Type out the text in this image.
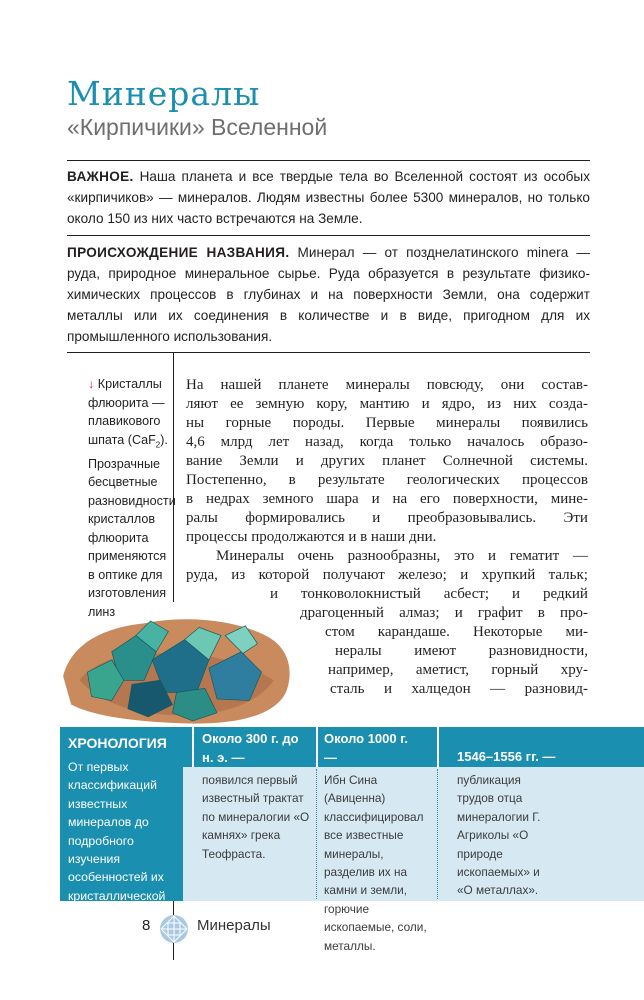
Минералы
«Кирпичики» Вселенной
ВАЖНОЕ. Наша планета и все твердые тела во Вселенной состоят из особых «кирпичиков» — минералов. Людям известны более 5300 минералов, но только около 150 из них часто встречаются на Земле.
ПРОИСХОЖДЕНИЕ НАЗВАНИЯ. Минерал — от позднелатинского minera — руда, природное минеральное сырье. Руда образуется в результате физико-химических процессов в глубинах и на поверхности Земли, она содержит металлы или их соединения в количестве и в виде, пригодном для их промышленного использования.
↓ Кристаллы флюорита — плавикового шпата (CaF$_2$). Прозрачные бесцветные разновидности кристаллов флюорита применяются в оптике для изготовления линз
На нашей планете минералы повсюду, они состав-
ляют ее земную кору, мантию и ядро, из них созда-
ны горные породы. Первые минералы появились
4,6 млрд лет назад, когда только началось образо-
вание Земли и других планет Солнечной системы.
Постепенно, в результате геологических процессов
в недрах земного шара и на его поверхности, мине-
ралы формировались и преобразовывались. Эти
процессы продолжаются и в наши дни.
Минералы очень разнообразны, это и гематит —
руда, из которой получают железо; и хрупкий тальк;
и тонковолокнистый асбест; и редкий
драгоценный алмаз; и графит в про-
стом карандаше. Некоторые ми-
нералы имеют разновидности,
например, аметист, горный хру-
сталь и халцедон — разновид-
ХРОНОЛОГИЯ
От первых классификаций известных минералов до подробного изучения особенностей их кристаллической структуры.
Около 300 г. до н. э. —
появился первый известный трактат по минералогии «О камнях» грека Теофраста.
Около 1000 г. —
Ибн Сина (Авиценна) классифицировал все известные минералы, разделив их на камни и земли, горючие ископаемые, соли, металлы.
1546–1556 гг. —
публикация трудов отца минералогии Г. Агриколы «О природе ископаемых» и «О металлах».
8	Минералы
